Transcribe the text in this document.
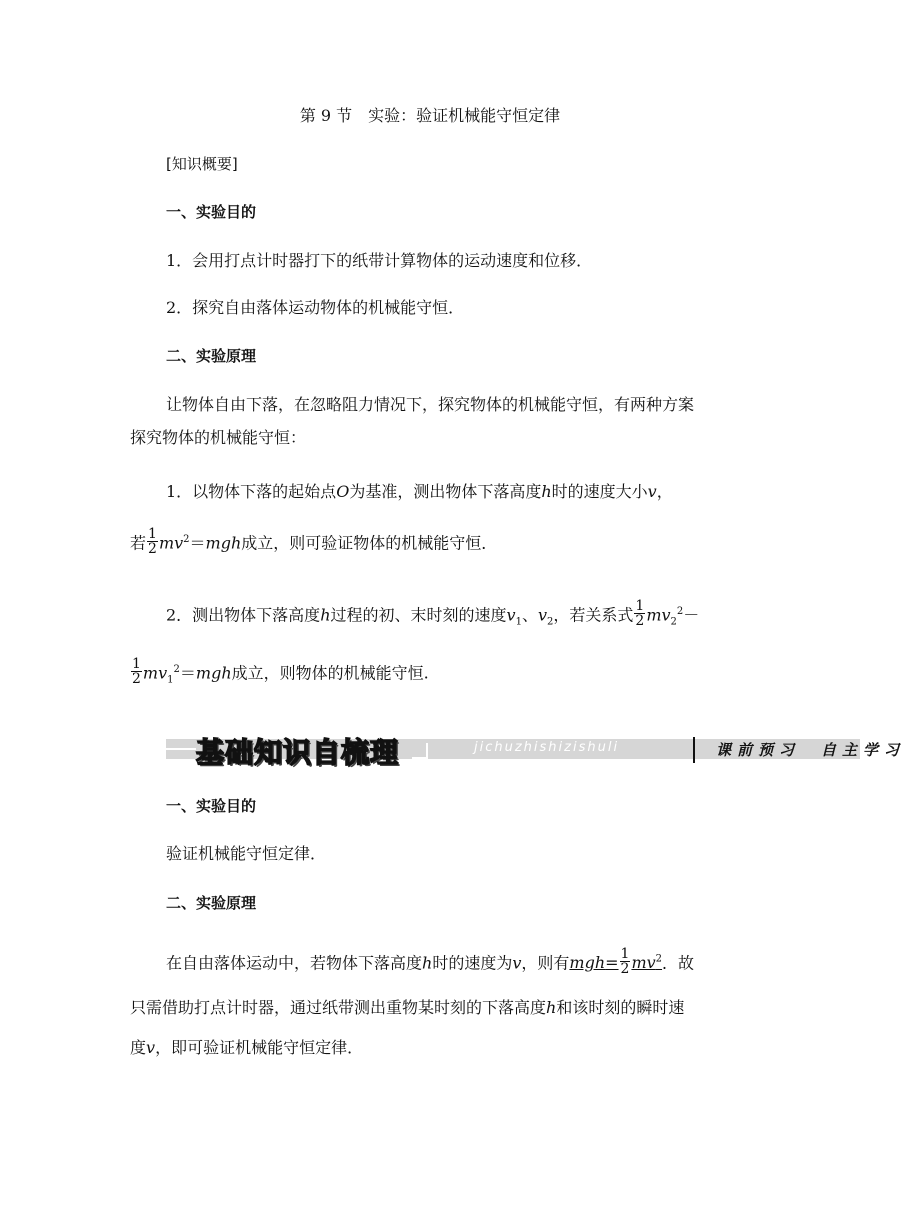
第 9 节　实验：验证机械能守恒定律
[知识概要]
一、实验目的
1．会用打点计时器打下的纸带计算物体的运动速度和位移．
2．探究自由落体运动物体的机械能守恒．
二、实验原理
让物体自由下落，在忽略阻力情况下，探究物体的机械能守恒，有两种方案
探究物体的机械能守恒：
1．以物体下落的起始点O为基准，测出物体下落高度h时的速度大小v，
若 $\frac{1}{2} mv^2=mgh$成立，则可验证物体的机械能守恒．
2．测出物体下落高度h过程的初、末时刻的速度$v_1$、$v_2$，若关系式 $\frac{1}{2} mv_2^2-$
$\frac{1}{2} mv_1^2=mgh$成立，则物体的机械能守恒.
基础知识自梳理	jichuzhishizishuli	课前预习　自主学习
一、实验目的
验证机械能守恒定律．
二、实验原理
在自由落体运动中，若物体下落高度h时的速度为v，则有$mgh= \frac{1}{2} mv^2$．故
只需借助打点计时器，通过纸带测出重物某时刻的下落高度h和该时刻的瞬时速
度v，即可验证机械能守恒定律．
